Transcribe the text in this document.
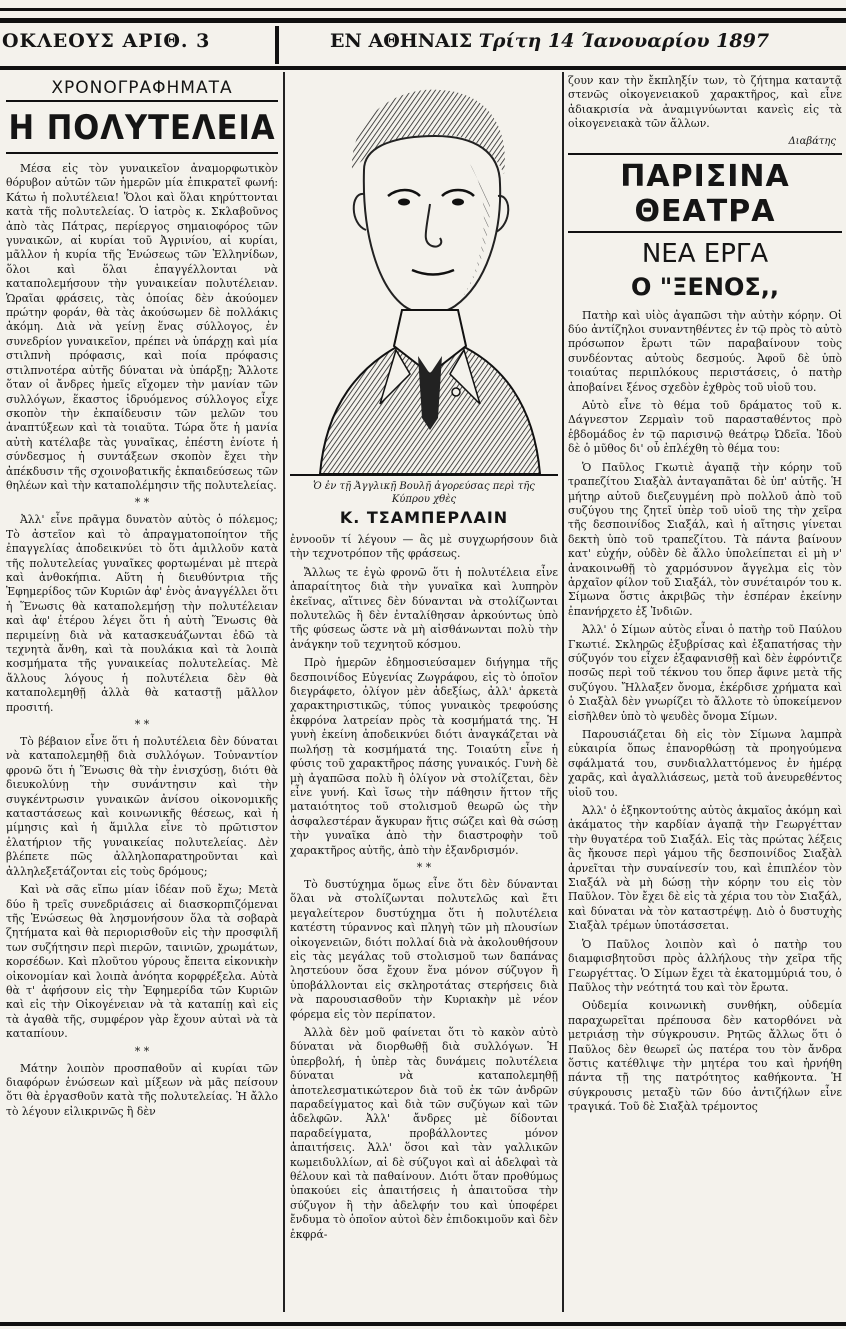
ΟΚΛΕΟΥΣ ΑΡΙΘ. 3	ΕΝ ΑΘΗΝΑΙΣ Τρίτη 14 Ίανουαρίου 1897
ΧΡΟΝΟΓΡΑΦΗΜΑΤΑ
Η ΠΟΛΥΤΕΛΕΙΑ

Μέσα εἰς τὸν γυναικεῖον ἀναμορφωτικὸν θόρυβον αὐτῶν τῶν ἡμερῶν μία ἐπικρατεῖ φωνή: Κάτω ἡ πολυτέλεια! Ὅλοι καὶ ὅλαι κηρύττονται κατὰ τῆς πολυτελείας. Ὁ ἰατρὸς κ. Σκλαβοῦνος ἀπὸ τὰς Πάτρας, περίεργος σημαιοφόρος τῶν γυναικῶν, αἱ κυρίαι τοῦ Ἀγρινίου, αἱ κυρίαι, μᾶλλον ἡ κυρία τῆς Ἑνώσεως τῶν Ἑλληνίδων, ὅλοι καὶ ὅλαι ἐπαγγέλλονται νὰ καταπολεμήσουν τὴν γυναικείαν πολυτέλειαν. Ὡραῖαι φράσεις, τὰς ὁποίας δὲν ἀκούομεν πρώτην φοράν, θὰ τὰς ἀκούσωμεν δὲ πολλάκις ἀκόμη. Διὰ νὰ γείνῃ ἕνας σύλλογος, ἐν συνεδρίον γυναικεῖον, πρέπει νὰ ὑπάρχῃ καὶ μία στιλπνὴ πρόφασις, καὶ ποία πρόφασις στιλπνοτέρα αὐτῆς δύναται νὰ ὑπάρξῃ; Ἄλλοτε ὅταν οἱ ἄνδρες ἡμεῖς εἴχομεν τὴν μανίαν τῶν συλλόγων, ἕκαστος ἱδρυόμενος σύλλογος εἶχε σκοπὸν τὴν ἐκπαίδευσιν τῶν μελῶν του ἀναπτύξεων καὶ τὰ τοιαῦτα. Τώρα ὅτε ἡ μανία αὐτὴ κατέλαβε τὰς γυναῖκας, ἐπέστη ἐνίοτε ἡ σύνδεσμος ἡ συντάξεων σκοπὸν ἔχει τὴν ἀπέκδυσιν τῆς σχοινοβατικῆς ἐκπαιδεύσεως τῶν θηλέων καὶ τὴν καταπολέμησιν τῆς πολυτελείας.

* *

Ἀλλ' εἶνε πρᾶγμα δυνατὸν αὐτὸς ὁ πόλεμος; Τὸ ἀστεῖον καὶ τὸ ἀπραγματοποίητον τῆς ἐπαγγελίας ἀποδεικνύει τὸ ὅτι ἀμιλλοῦν κατὰ τῆς πολυτελείας γυναῖκες φορτωμέναι μὲ πτερὰ καὶ ἀνθοκήπια. Αὕτη ἡ διευθύντρια τῆς Ἐφημερίδος τῶν Κυριῶν ἀφ' ἑνὸς ἀναγγέλλει ὅτι ἡ Ἕνωσις θὰ καταπολεμήσῃ τὴν πολυτέλειαν καὶ ἀφ' ἑτέρου λέγει ὅτι ἡ αὐτὴ Ἕνωσις θὰ περιμείνῃ διὰ νὰ κατασκευάζωνται ἐδῶ τὰ τεχνητὰ ἄνθη, καὶ τὰ πουλάκια καὶ τὰ λοιπὰ κοσμήματα τῆς γυναικείας πολυτελείας. Μὲ ἄλλους λόγους ἡ πολυτέλεια δὲν θὰ καταπολεμηθῇ ἀλλὰ θὰ καταστῇ μᾶλλον προσιτή.

* *

Τὸ βέβαιον εἶνε ὅτι ἡ πολυτέλεια δὲν δύναται νὰ καταπολεμηθῇ διὰ συλλόγων. Τοὐναντίον φρονῶ ὅτι ἡ Ἕνωσις θὰ τὴν ἐνισχύσῃ, διότι θὰ διευκολύνῃ τὴν συνάντησιν καὶ τὴν συγκέντρωσιν γυναικῶν ἀνίσου οἰκονομικῆς καταστάσεως καὶ κοινωνικῆς θέσεως, καὶ ἡ μίμησις καὶ ἡ ἅμιλλα εἶνε τὸ πρῶτιστον ἐλατήριον τῆς γυναικείας πολυτελείας. Δὲν βλέπετε πῶς ἀλληλοπαρατηροῦνται καὶ ἀλληλεξετάζονται εἰς τοὺς δρόμους;

Καὶ νὰ σᾶς εἴπω μίαν ἰδέαν ποῦ ἔχω; Μετὰ δύο ἢ τρεῖς συνεδριάσεις αἱ διασκορπιζόμεναι τῆς Ἑνώσεως θὰ λησμονήσουν ὅλα τὰ σοβαρὰ ζητήματα καὶ θὰ περιορισθοῦν εἰς τὴν προσφιλῆ των συζήτησιν περὶ πιερῶν, ταινιῶν, χρωμάτων, κορσέδων. Καὶ πλοῦτου γύρους ἔπειτα εἰκονικὴν οἰκονομίαν καὶ λοιπὰ ἀνόητα κορφρέξελα. Αὐτὰ θὰ τ' ἀφήσουν εἰς τὴν Ἐφημερίδα τῶν Κυριῶν καὶ εἰς τὴν Οἰκογένειαν νὰ τὰ καταπίῃ καὶ εἰς τὰ ἀγαθὰ τῆς, συμφέρον γὰρ ἔχουν αὐταὶ νὰ τὰ καταπίουν.

* *

Μάτην λοιπὸν προσπαθοῦν αἱ κυρίαι τῶν διαφόρων ἑνώσεων καὶ μίξεων νὰ μᾶς πείσουν ὅτι θὰ ἐργασθοῦν κατὰ τῆς πολυτελείας. Ἡ ἄλλο τὸ λέγουν εἰλικρινῶς ἢ δὲν

Ὁ ἐν τῇ Ἀγγλικῇ Βουλῇ ἀγορεύσας περὶ τῆς Κύπρου χθὲς
Κ. ΤΣΑΜΠΕΡΛΑΙΝ

ἐννοοῦν τί λέγουν — ἂς μὲ συγχωρήσουν διὰ τὴν τεχνοτρόπον τῆς φράσεως.

Ἄλλως τε ἐγὼ φρονῶ ὅτι ἡ πολυτέλεια εἶνε ἀπαραίτητος διὰ τὴν γυναῖκα καὶ λυπηρὸν ἐκεῖνας, αἵτινες δὲν δύνανται νὰ στολίζωνται πολυτελῶς ἢ δὲν ἐνταλίθησαν ἀρκούντως ὑπὸ τῆς φύσεως ὥστε νὰ μὴ αἰσθάνωνται πολὺ τὴν ἀνάγκην τοῦ τεχνητοῦ κόσμου.

Πρὸ ἡμερῶν ἐδημοσιεύσαμεν διήγημα τῆς δεσποινίδος Εὐγενίας Ζωγράφου, εἰς τὸ ὁποῖον διεγράφετο, ὀλίγον μὲν ἀδεξίως, ἀλλ' ἀρκετὰ χαρακτηριστικῶς, τύπος γυναικὸς τρεφούσης ἐκφρόνα λατρείαν πρὸς τὰ κοσμήματά της. Ἡ γυνὴ ἐκείνη ἀποδεικνύει διότι ἀναγκάζεται νὰ πωλήσῃ τὰ κοσμήματά της. Τοιαύτη εἶνε ἡ φύσις τοῦ χαρακτῆρος πάσης γυναικός. Γυνὴ δὲ μὴ ἀγαπῶσα πολὺ ἢ ὀλίγον νὰ στολίζεται, δὲν εἶνε γυνή. Καὶ ἴσως τὴν πάθησιν ἥττον τῆς ματαιότητος τοῦ στολισμοῦ θεωρῶ ὡς τὴν ἀσφαλεστέραν ἄγκυραν ἥτις σώζει καὶ θὰ σώσῃ τὴν γυναῖκα ἀπὸ τὴν διαστροφὴν τοῦ χαρακτῆρος αὐτῆς, ἀπὸ τὴν ἐξανδρισμόν.

* *

Τὸ δυστύχημα ὅμως εἶνε ὅτι δὲν δύνανται ὅλαι νὰ στολίζωνται πολυτελῶς καὶ ἔτι μεγαλείτερον δυστύχημα ὅτι ἡ πολυτέλεια κατέστη τύραννος καὶ πληγὴ τῶν μὴ πλουσίων οἰκογενειῶν, διότι πολλαί διὰ νὰ ἀκολουθήσουν εἰς τὰς μεγάλας τοῦ στολισμοῦ των δαπάνας ληστεύουν ὅσα ἔχουν ἕνα μόνον σύζυγον ἢ ὑποβάλλονται εἰς σκληροτάτας στερήσεις διὰ νὰ παρουσιασθοῦν τὴν Κυριακὴν μὲ νέον φόρεμα εἰς τὸν περίπατον.

Ἀλλὰ δὲν μοῦ φαίνεται ὅτι τὸ κακὸν αὐτὸ δύναται νὰ διορθωθῇ διὰ συλλόγων. Ἡ ὑπερβολή, ἡ ὑπὲρ τὰς δυνάμεις πολυτέλεια δύναται νὰ καταπολεμηθῇ ἀποτελεσματικώτερον διὰ τοῦ ἐκ τῶν ἀνδρῶν παραδείγματος καὶ διὰ τῶν συζύγων καὶ τῶν ἀδελφῶν. Ἀλλ' ἄνδρες μὲ δίδονται παραδείγματα, προβάλλοντες μόνον ἀπαιτήσεις. Ἀλλ' ὅσοι καὶ τὰν γαλλικῶν κωμειδυλλίων, αἱ δὲ σύζυγοι καὶ αἱ ἀδελφαὶ τὰ θέλουν καὶ τὰ παθαίνουν. Διότι ὅταν προθύμως ὑπακούει εἰς ἀπαιτήσεις ἡ ἀπαιτοῦσα τὴν σύζυγον ἢ τὴν ἀδελφήν του καὶ ὑποφέρει ἔνδυμα τὸ ὁποῖον αὐτοὶ δὲν ἐπιδοκιμοῦν καὶ δὲν ἐκφρά-

ζουν καν τὴν ἔκπληξίν των, τὸ ζήτημα καταντᾷ στενῶς οἰκογενειακοῦ χαρακτῆρος, καὶ εἶνε ἀδιακρισία νὰ ἀναμιγνύωνται κανεὶς εἰς τὰ οἰκογενειακὰ τῶν ἄλλων.

Διαβάτης
ΠΑΡΙΣΙΝΑ ΘΕΑΤΡΑ
ΝΕΑ ΕΡΓΑ
Ο "ΞΕΝΟΣ,,

Πατὴρ καὶ υἱὸς ἀγαπῶσι τὴν αὐτὴν κόρην. Οἱ δύο ἀντίζηλοι συναντηθέντες ἐν τῷ πρὸς τὸ αὐτὸ πρόσωπον ἔρωτι τῶν παραβαίνουν τοὺς συνδέοντας αὐτοὺς δεσμούς. Ἀφοῦ δὲ ὑπὸ τοιαύτας περιπλόκους περιστάσεις, ὁ πατὴρ ἀποβαίνει ξένος σχεδὸν ἐχθρὸς τοῦ υἱοῦ του.

Αὐτὸ εἶνε τὸ θέμα τοῦ δράματος τοῦ κ. Δάγνεστον Ζερμαὶν τοῦ παρασταθέντος πρὸ ἑβδομάδος ἐν τῷ παρισινῷ θεάτρῳ Ὠδεῖα. Ἰδοὺ δὲ ὁ μῦθος δι' οὗ ἐπλέχθη τὸ θέμα του:

Ὁ Παῦλος Γκωτιὲ ἀγαπᾷ τὴν κόρην τοῦ τραπεζίτου Σιαξὰλ ἀνταγαπᾶται δὲ ὑπ' αὐτῆς. Ἡ μήτηρ αὐτοῦ διεζευγμένη πρὸ πολλοῦ ἀπὸ τοῦ συζύγου της ζητεῖ ὑπὲρ τοῦ υἱοῦ της τὴν χεῖρα τῆς δεσποινίδος Σιαξάλ, καὶ ἡ αἴτησις γίνεται δεκτὴ ὑπὸ τοῦ τραπεζίτου. Τὰ πάντα βαίνουν κατ' εὐχήν, οὐδὲν δὲ ἄλλο ὑπολείπεται εἰ μὴ ν' ἀνακοινωθῇ τὸ χαρμόσυνον ἄγγελμα εἰς τὸν ἀρχαῖον φίλον τοῦ Σιαξάλ, τὸν συνέταιρόν του κ. Σίμωνα ὅστις ἀκριβῶς τὴν ἑσπέραν ἐκείνην ἐπανήρχετο ἐξ Ἰνδιῶν.

Ἀλλ' ὁ Σίμων αὐτὸς εἶναι ὁ πατὴρ τοῦ Παύλου Γκωτιέ. Σκληρῶς ἐξυβρίσας καὶ ἐξαπατήσας τὴν σύζυγόν του εἶχεν ἐξαφανισθῇ καὶ δὲν ἐφρόντιζε ποσῶς περὶ τοῦ τέκνου του ὅπερ ἄφινε μετὰ τῆς συζύγου. Ἤλλαξεν ὄνομα, ἐκέρδισε χρήματα καὶ ὁ Σιαξὰλ δὲν γνωρίζει τὸ ἄλλοτε τὸ ὑποκείμενον εἰσῆλθεν ὑπὸ τὸ ψευδὲς ὄνομα Σίμων.

Παρουσιάζεται δὴ εἰς τὸν Σίμωνα λαμπρὰ εὐκαιρία ὅπως ἐπανορθώσῃ τὰ προηγούμενα σφάλματά του, συνδιαλλαττόμενος ἐν ἡμέρᾳ χαρᾶς, καὶ ἀγαλλιάσεως, μετὰ τοῦ ἀνευρεθέντος υἱοῦ του.

Ἀλλ' ὁ ἑξηκοντούτης αὐτὸς ἀκμαῖος ἀκόμη καὶ ἀκάματος τὴν καρδίαν ἀγαπᾷ τὴν Γεωργέτταν τὴν θυγατέρα τοῦ Σιαξάλ. Εἰς τὰς πρώτας λέξεις ἃς ἤκουσε περὶ γάμου τῆς δεσποινίδος Σιαξὰλ ἀρνεῖται τὴν συναίνεσίν του, καὶ ἐπιπλέον τὸν Σιαξάλ νὰ μὴ δώσῃ τὴν κόρην του εἰς τὸν Παῦλον. Τὸν ἔχει δὲ εἰς τὰ χέρια του τὸν Σιαξάλ, καὶ δύναται νὰ τὸν καταστρέψῃ. Διὸ ὁ δυστυχὴς Σιαξὰλ τρέμων ὑποτάσσεται.

Ὁ Παῦλος λοιπὸν καὶ ὁ πατὴρ του διαμφισβητοῦσι πρὸς ἀλλήλους τὴν χεῖρα τῆς Γεωργέττας. Ὁ Σίμων ἔχει τὰ ἑκατομμύριά του, ὁ Παῦλος τὴν νεότητά του καὶ τὸν ἔρωτα.

Οὐδεμία κοινωνικὴ συνθήκη, οὐδεμία παραχωρεῖται πρέπουσα δὲν κατορθόνει νὰ μετριάσῃ τὴν σύγκρουσιν. Ρητῶς ἄλλως ὅτι ὁ Παῦλος δὲν θεωρεῖ ὡς πατέρα του τὸν ἄνδρα ὅστις κατέθλιψε τὴν μητέρα του καὶ ἠρνήθη πάντα τῇ της πατρότητος καθήκοντα. Ἡ σύγκρουσις μεταξὺ τῶν δύο ἀντιζήλων εἶνε τραγικά. Τοῦ δὲ Σιαξὰλ τρέμοντος
